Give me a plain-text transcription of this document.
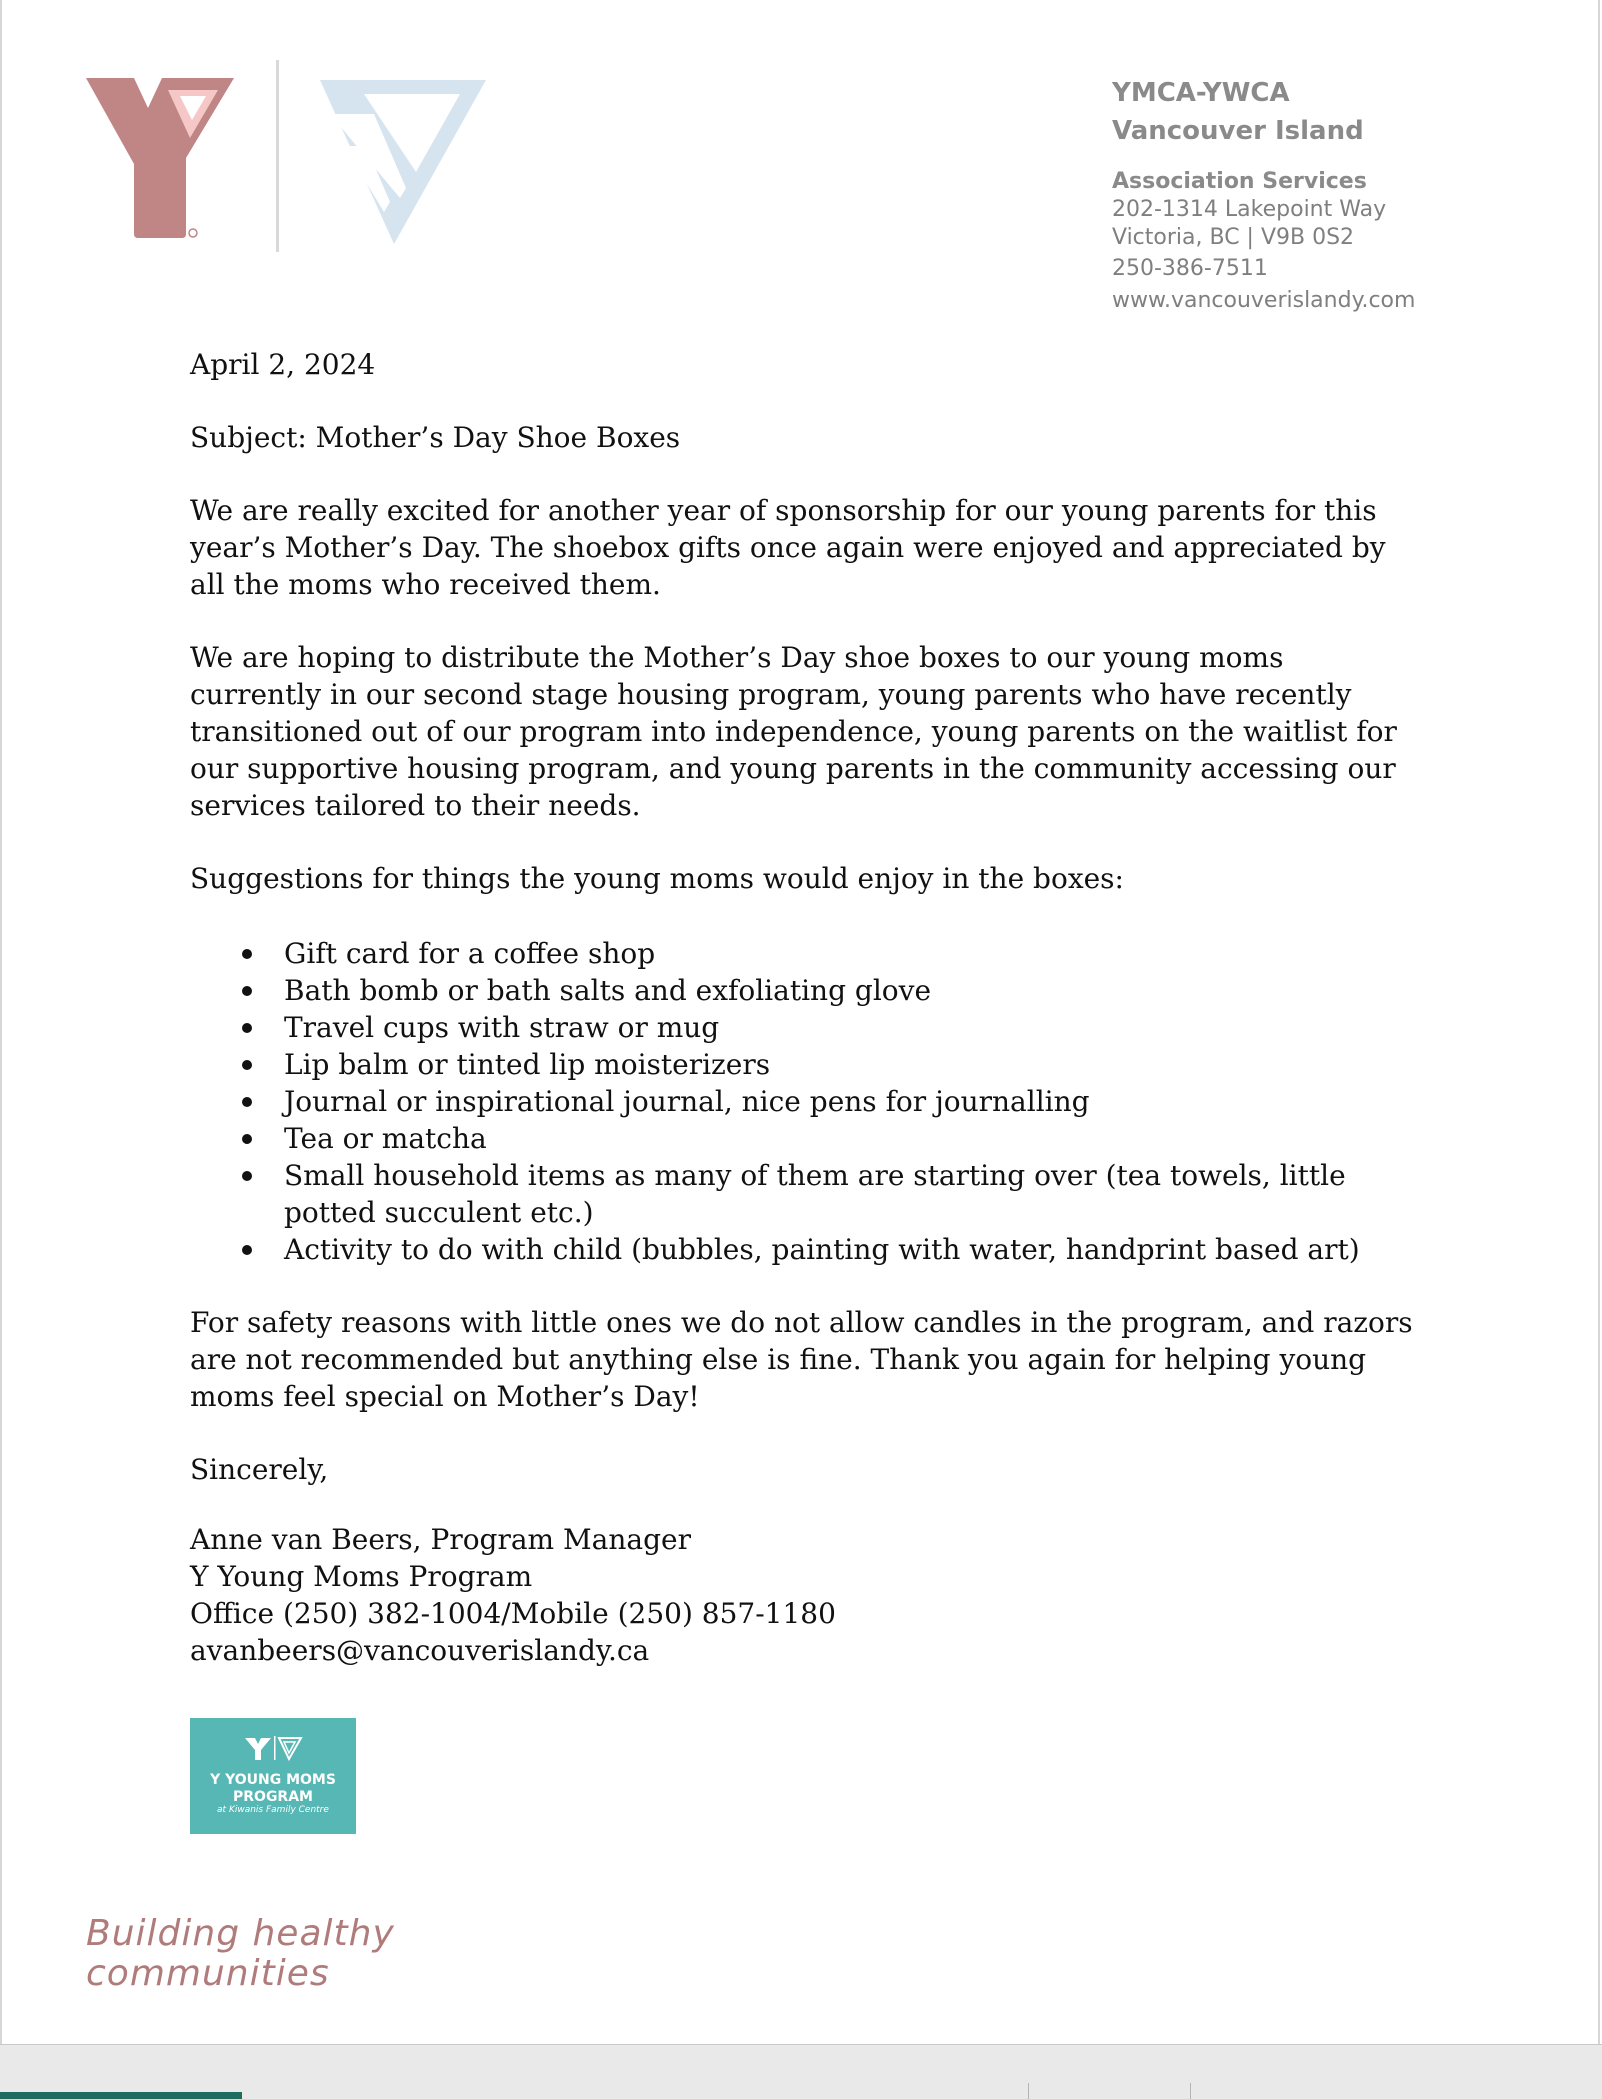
YMCA-YWCA
Vancouver Island
Association Services
202-1314 Lakepoint Way
Victoria, BC | V9B 0S2
250-386-7511
www.vancouverislandy.com

April 2, 2024

Subject: Mother’s Day Shoe Boxes

We are really excited for another year of sponsorship for our young parents for this year’s Mother’s Day. The shoebox gifts once again were enjoyed and appreciated by all the moms who received them.

We are hoping to distribute the Mother’s Day shoe boxes to our young moms currently in our second stage housing program, young parents who have recently transitioned out of our program into independence, young parents on the waitlist for our supportive housing program, and young parents in the community accessing our services tailored to their needs.

Suggestions for things the young moms would enjoy in the boxes:

Gift card for a coffee shop
Bath bomb or bath salts and exfoliating glove
Travel cups with straw or mug
Lip balm or tinted lip moisterizers
Journal or inspirational journal, nice pens for journalling
Tea or matcha
Small household items as many of them are starting over (tea towels, little potted succulent etc.)
Activity to do with child (bubbles, painting with water, handprint based art)

For safety reasons with little ones we do not allow candles in the program, and razors are not recommended but anything else is fine. Thank you again for helping young moms feel special on Mother’s Day!

Sincerely,

Anne van Beers, Program Manager

Y Young Moms Program

Office (250) 382-1004/Mobile (250) 857-1180

avanbeers@vancouverislandy.ca

Y YOUNG MOMS
PROGRAM
at Kiwanis Family Centre
Building healthy
communities
